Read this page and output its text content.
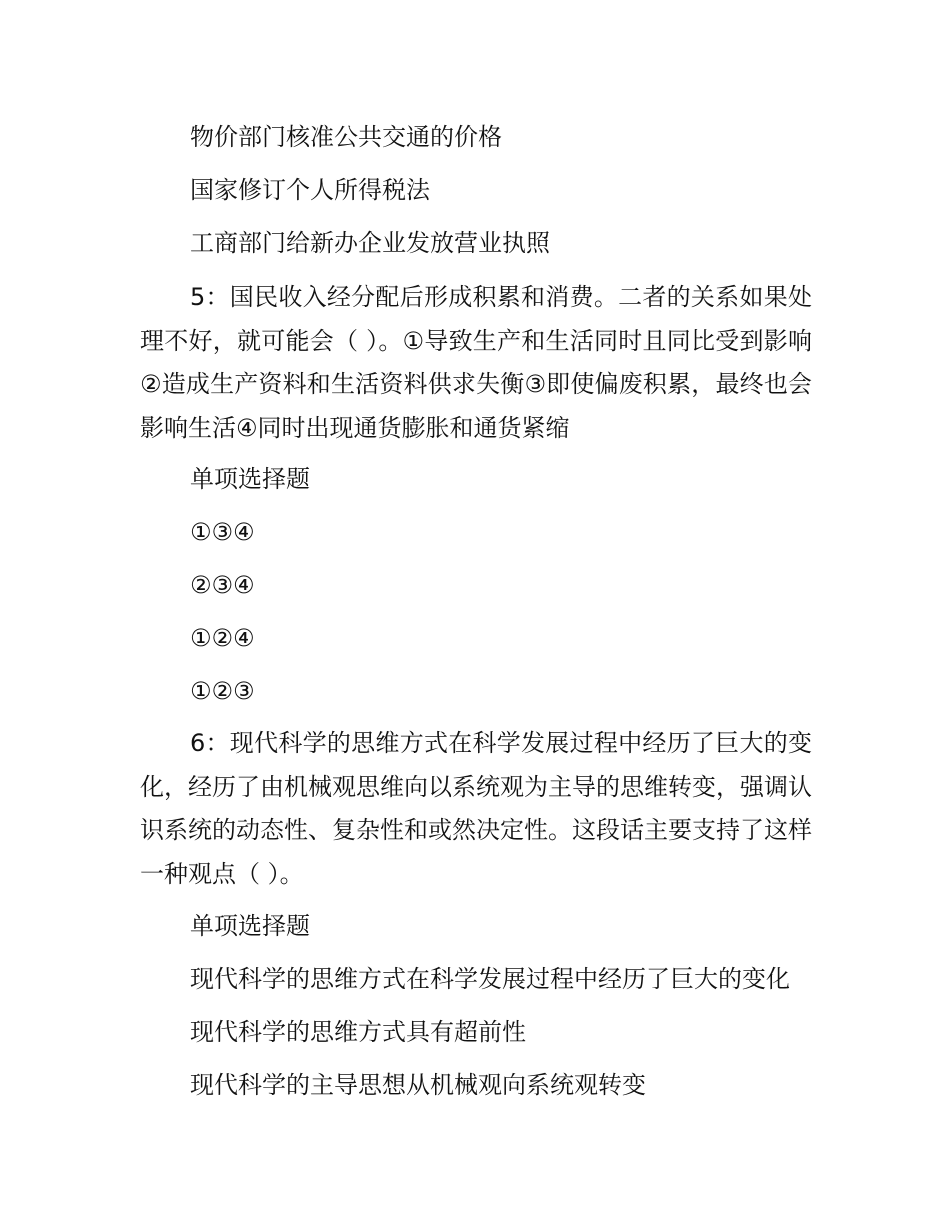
物价部门核准公共交通的价格
国家修订个人所得税法
工商部门给新办企业发放营业执照
5：国民收入经分配后形成积累和消费。二者的关系如果处理不好，就可能会（ ）。①导致生产和生活同时且同比受到影响②造成生产资料和生活资料供求失衡③即使偏废积累，最终也会影响生活④同时出现通货膨胀和通货紧缩
单项选择题
①③④
②③④
①②④
①②③
6：现代科学的思维方式在科学发展过程中经历了巨大的变化，经历了由机械观思维向以系统观为主导的思维转变，强调认识系统的动态性、复杂性和或然决定性。这段话主要支持了这样一种观点（ ）。
单项选择题
现代科学的思维方式在科学发展过程中经历了巨大的变化
现代科学的思维方式具有超前性
现代科学的主导思想从机械观向系统观转变
